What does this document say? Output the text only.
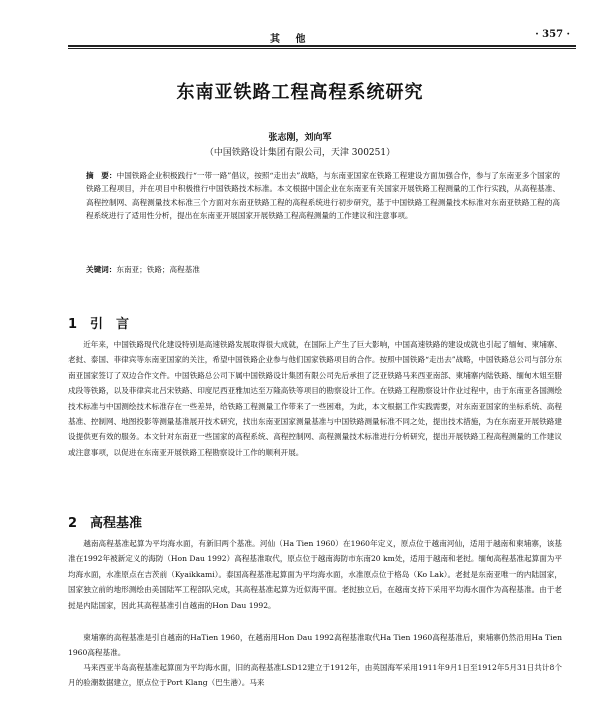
其 他	· 357 ·
东南亚铁路工程高程系统研究
张志刚，刘向军
（中国铁路设计集团有限公司，天津 300251）
摘　要：中国铁路企业积极践行“一带一路”倡议，按照“走出去”战略，与东南亚国家在铁路工程建设方面加强合作，参与了东南亚多个国家的铁路工程项目，并在项目中积极推行中国铁路技术标准。本文根据中国企业在东南亚有关国家开展铁路工程测量的工作行实践，从高程基准、高程控制网、高程测量技术标准三个方面对东南亚铁路工程的高程系统进行初步研究，基于中国铁路工程测量技术标准对东南亚铁路工程的高程系统进行了适用性分析，提出在东南亚开展国家开展铁路工程高程测量的工作建议和注意事项。
关键词：东南亚；铁路；高程基准
1 引　言
近年来，中国铁路现代化建设特别是高速铁路发展取得很大成就，在国际上产生了巨大影响，中国高速铁路的建设成就也引起了缅甸、柬埔寨、老挝、泰国、菲律宾等东南亚国家的关注，希望中国铁路企业参与他们国家铁路项目的合作。按照中国铁路“走出去”战略，中国铁路总公司与部分东南亚国家签订了双边合作文件。中国铁路总公司下属中国铁路设计集团有限公司先后承担了泛亚铁路马来西亚南部、柬埔寨内陆铁路、缅甸木姐至腊戍段等铁路，以及菲律宾北吕宋铁路、印度尼西亚雅加达至万隆高铁等项目的勘察设计工作。在铁路工程勘察设计作业过程中，由于东南亚各国测绘技术标准与中国测绘技术标准存在一些差异，给铁路工程测量工作带来了一些困难，为此，本文根据工作实践需要，对东南亚国家的坐标系统、高程基准、控制网、地图投影等测量基准展开技术研究，找出东南亚国家测量基准与中国铁路测量标准不同之处，提出技术措施，为在东南亚开展铁路建设提供更有效的服务。本文针对东南亚一些国家的高程系统、高程控制网、高程测量技术标准进行分析研究，提出开展铁路工程高程测量的工作建议或注意事项，以促进在东南亚开展铁路工程勘察设计工作的顺利开展。
2 高程基准
越南高程基准起算为平均海水面，有新旧两个基准。河仙（Ha Tien 1960）在1960年定义，原点位于越南河仙，适用于越南和柬埔寨，该基准在1992年被新定义的海防（Hon Dau 1992）高程基准取代，原点位于越南海防市东南20 km处，适用于越南和老挝。缅甸高程基准起算面为平均海水面，水准原点在吉茨前（Kyaikkami）。泰国高程基准起算面为平均海水面，水准原点位于格岛（Ko Lak）。老挝是东南亚唯一的内陆国家，国家独立前的地形测绘由美国陆军工程部队完成，其高程基准起算为近似海平面。老挝独立后，在越南支持下采用平均海水面作为高程基准。由于老挝是内陆国家，因此其高程基准引自越南的Hon Dau 1992。
柬埔寨的高程基准是引自越南的HaTien 1960，在越南用Hon Dau 1992高程基准取代Ha Tien 1960高程基准后，柬埔寨仍然沿用Ha Tien 1960高程基准。
马来西亚半岛高程基准起算面为平均海水面，旧的高程基准LSD12建立于1912年，由英国海军采用1911年9月1日至1912年5月31日共计8个月的验潮数据建立，原点位于Port Klang（巴生港）。马来
